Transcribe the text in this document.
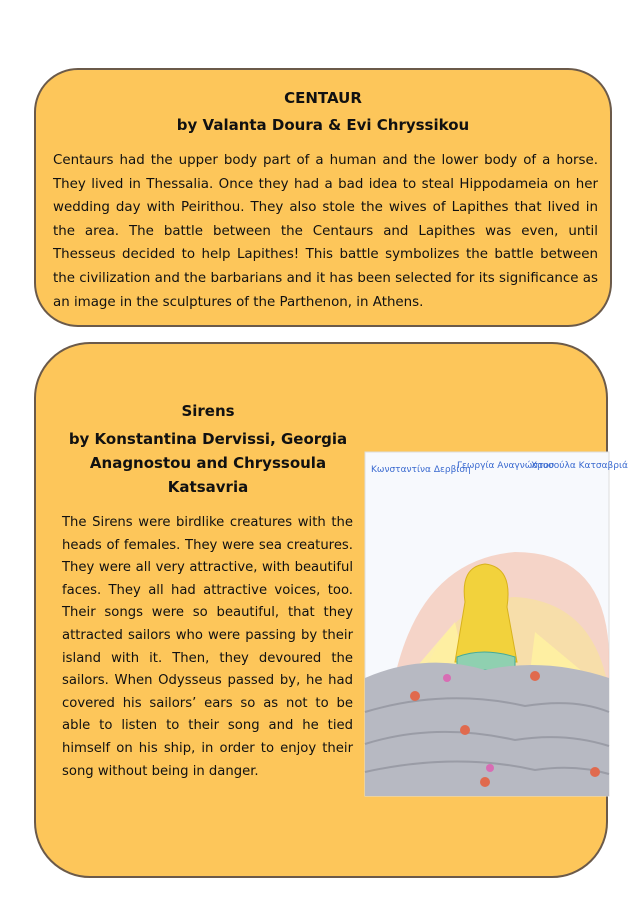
CENTAUR
by Valanta Doura & Evi Chryssikou
Centaurs had the upper body part of a human and the lower body of a horse. They lived in Thessalia. Once they had a bad idea to steal Hippodameia on her wedding day with Peirithou. They also stole the wives of Lapithes that lived in the area. The battle between the Centaurs and Lapithes was even, until Thesseus decided to help Lapithes! This battle symbolizes the battle between the civilization and the barbarians and it has been selected for its significance as an image in the sculptures of the Parthenon, in Athens.
Sirens
by Konstantina Dervissi, Georgia Anagnostou and Chryssoula Katsavria
The Sirens were birdlike creatures with the heads of females. They were sea creatures. They were all very attractive, with beautiful faces. They all had attractive voices, too. Their songs were so beautiful, that they attracted sailors who were passing by their island with it. Then, they devoured the sailors. When Odysseus passed by, he had covered his sailors’ ears so as not to be able to listen to their song and he tied himself on his ship, in order to enjoy their song without being in danger.
Κωνσταντίνα Δερβίση
Γεωργία Αναγνώστου
Χρυσούλα Κατσαβριά
